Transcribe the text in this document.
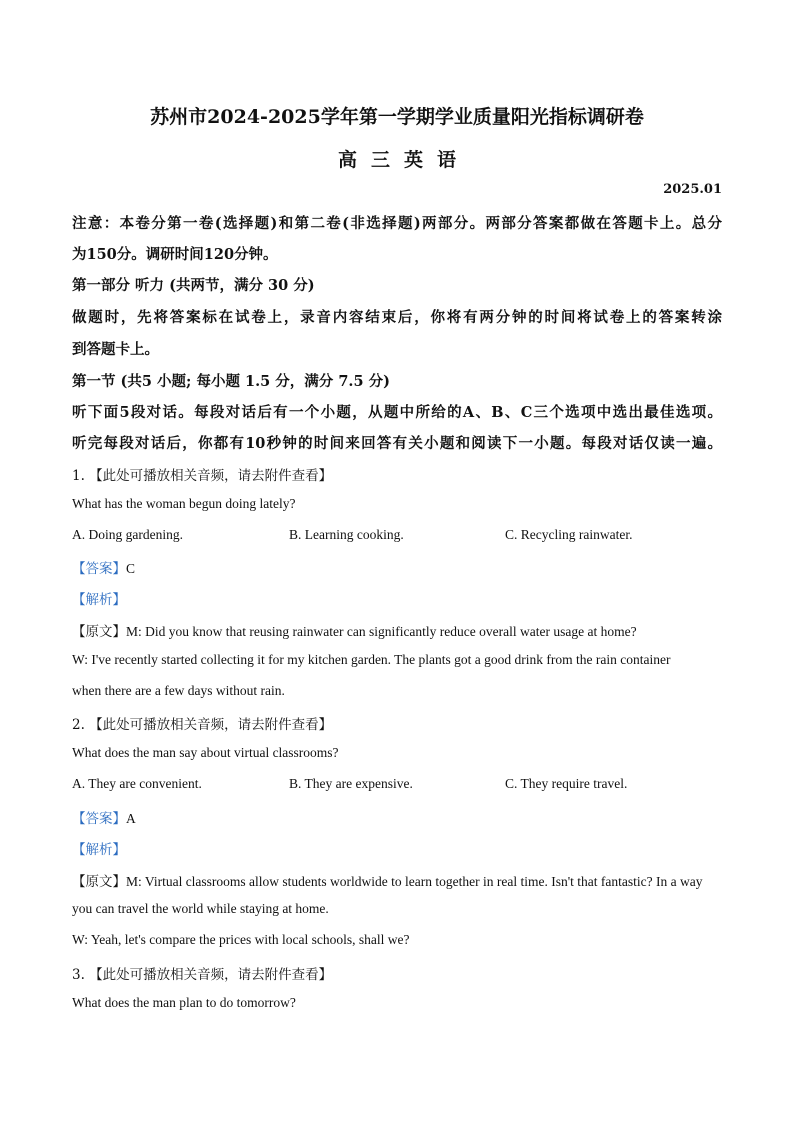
苏州市2024-2025学年第一学期学业质量阳光指标调研卷
高三英语
2025.01
注意：本卷分第一卷(选择题)和第二卷(非选择题)两部分。两部分答案都做在答题卡上。总分
为150分。调研时间120分钟。
第一部分 听力 (共两节，满分 30 分)
做题时，先将答案标在试卷上，录音内容结束后，你将有两分钟的时间将试卷上的答案转涂
到答题卡上。
第一节 (共5 小题; 每小题 1.5 分，满分 7.5 分)
听下面5段对话。每段对话后有一个小题，从题中所给的A、B、C三个选项中选出最佳选项。
听完每段对话后，你都有10秒钟的时间来回答有关小题和阅读下一小题。每段对话仅读一遍。
1. 【此处可播放相关音频，请去附件查看】
What has the woman begun doing lately?
A. Doing gardening.	B. Learning cooking.	C. Recycling rainwater.
【答案】C
【解析】
【原文】M: Did you know that reusing rainwater can significantly reduce overall water usage at home?
W: I've recently started collecting it for my kitchen garden. The plants got a good drink from the rain container
when there are a few days without rain.
2. 【此处可播放相关音频，请去附件查看】
What does the man say about virtual classrooms?
A. They are convenient.	B. They are expensive.	C. They require travel.
【答案】A
【解析】
【原文】M: Virtual classrooms allow students worldwide to learn together in real time. Isn't that fantastic? In a way
you can travel the world while staying at home.
W: Yeah, let's compare the prices with local schools, shall we?
3. 【此处可播放相关音频，请去附件查看】
What does the man plan to do tomorrow?
